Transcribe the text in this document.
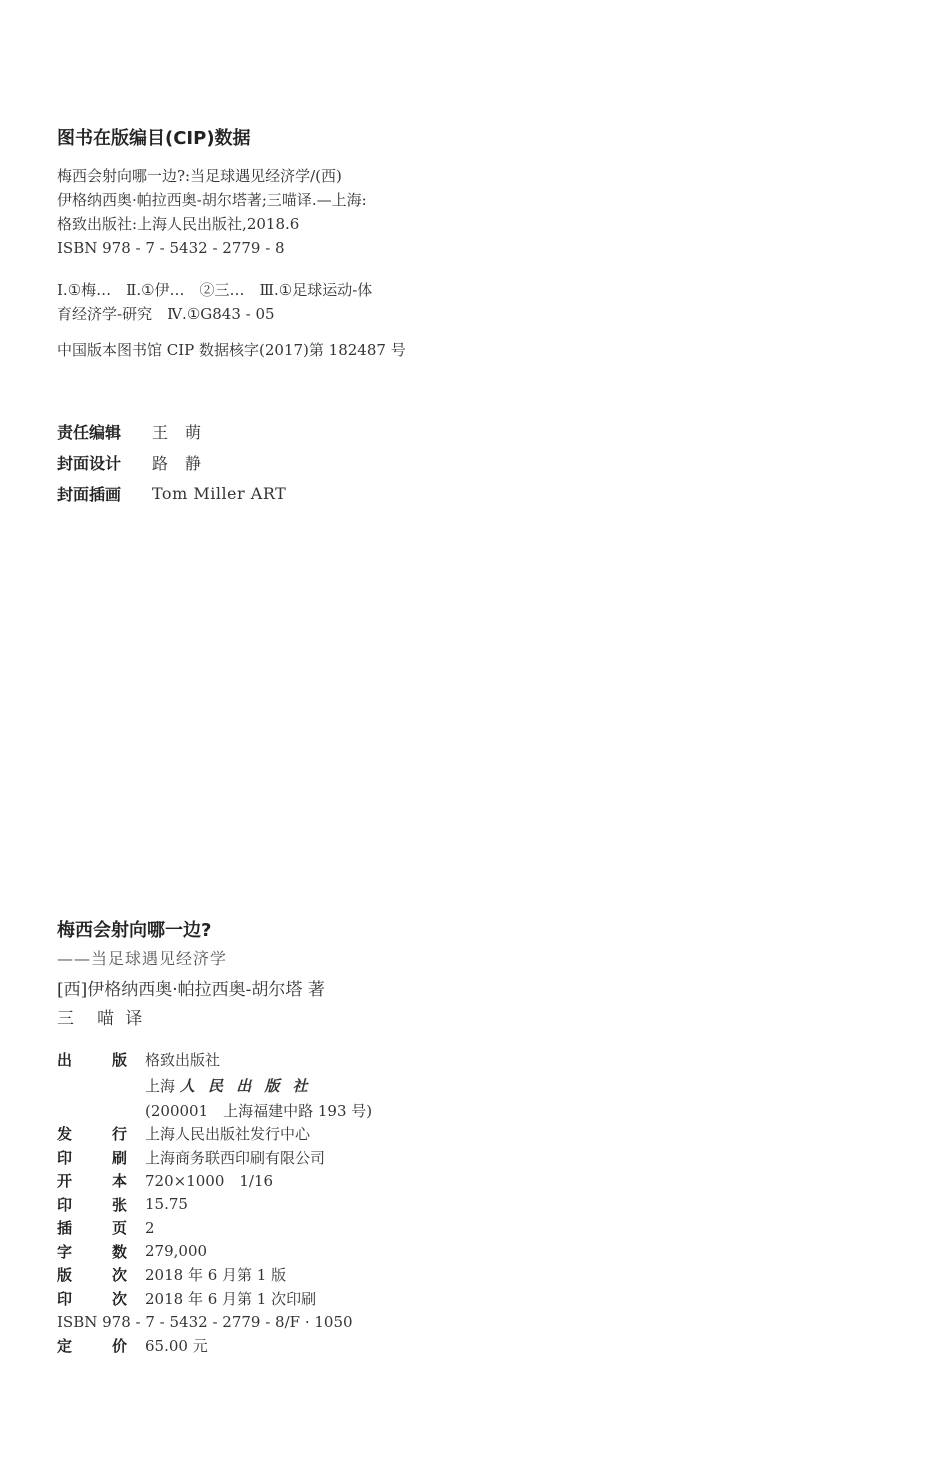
图书在版编目(CIP)数据
梅西会射向哪一边?:当足球遇见经济学/(西)
伊格纳西奥·帕拉西奥-胡尔塔著;三喵译.—上海:
格致出版社:上海人民出版社,2018.6
ISBN 978 - 7 - 5432 - 2779 - 8
Ⅰ.①梅…　Ⅱ.①伊…　②三…　Ⅲ.①足球运动-体
育经济学-研究　Ⅳ.①G843 - 05
中国版本图书馆 CIP 数据核字(2017)第 182487 号
责任编辑	王　萌
封面设计	路　静
封面插画	Tom Miller ART
梅西会射向哪一边?
——当足球遇见经济学
[西]伊格纳西奥·帕拉西奥-胡尔塔 著
三　喵 译
出	版 格致出版社
上海 人 民 出 版 社
(200001　上海福建中路 193 号)
发	行 上海人民出版社发行中心
印	刷 上海商务联西印刷有限公司
开	本 720×1000　1/16
印	张 15.75
插	页 2
字	数 279,000
版	次 2018 年 6 月第 1 版
印	次 2018 年 6 月第 1 次印刷
ISBN 978 - 7 - 5432 - 2779 - 8/F · 1050
定	价 65.00 元
